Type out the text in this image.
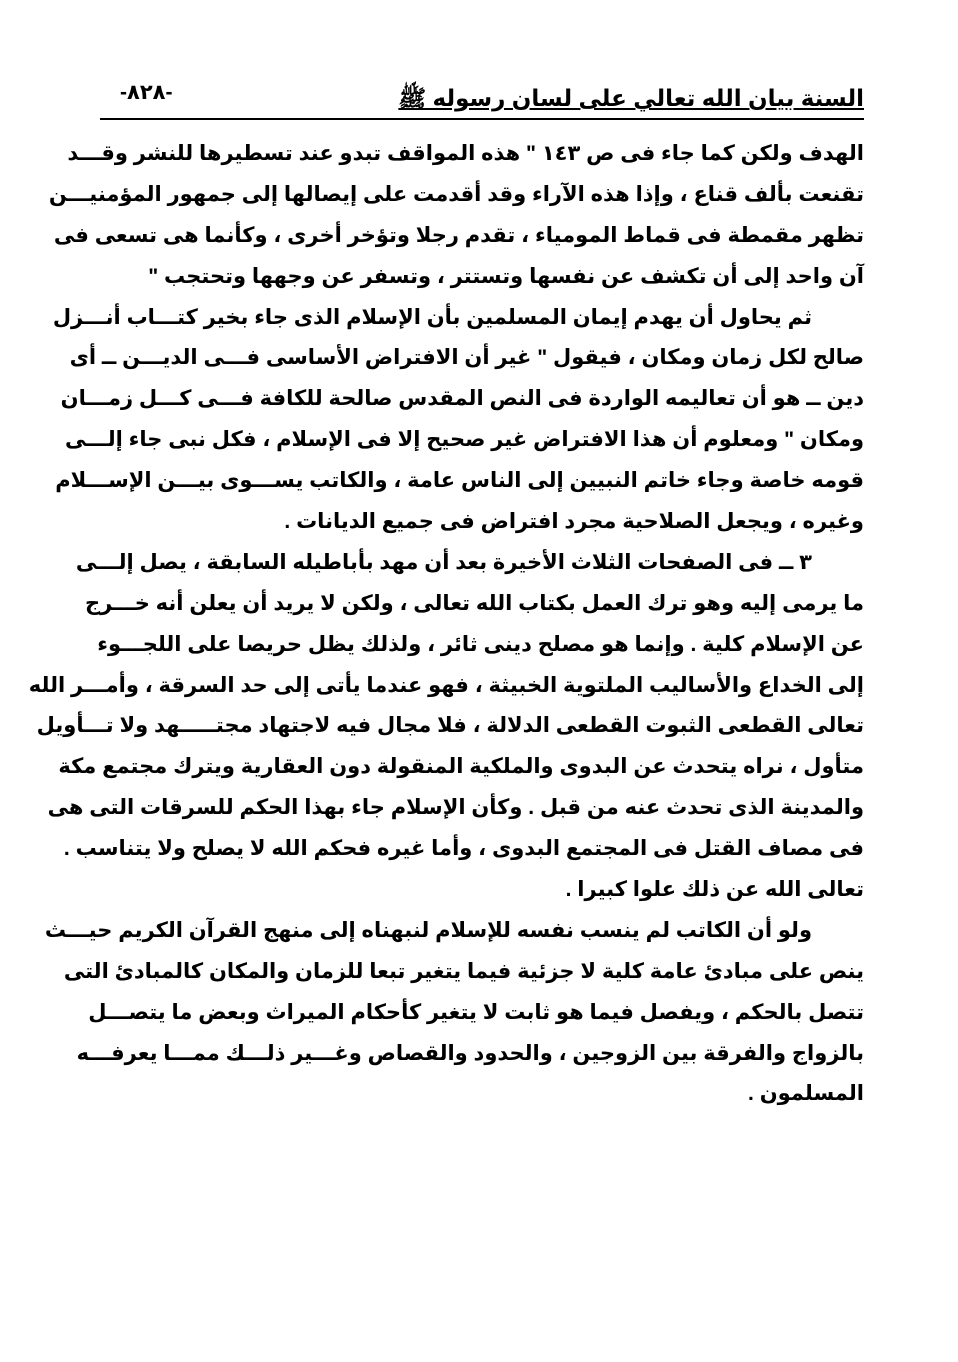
السنة بيان الله تعالي على لسان رسوله ﷺ
-٨٢٨-
الهدف ولكن كما جاء فى ص ١٤٣ " هذه المواقف تبدو عند تسطيرها للنشر وقـــد
تقنعت بألف قناع ، وإذا هذه الآراء وقد أقدمت على إيصالها إلى جمهور المؤمنيـــن
تظهر مقمطة فى قماط المومياء ، تقدم رجلا وتؤخر أخرى ، وكأنما هى تسعى فى
آن واحد إلى أن تكشف عن نفسها وتستتر ، وتسفر عن وجهها وتحتجب "
ثم يحاول أن يهدم إيمان المسلمين بأن الإسلام الذى جاء بخير كتـــاب أنـــزل
صالح لكل زمان ومكان ، فيقول " غير أن الافتراض الأساسى فـــى الديـــن ــ أى
دين ــ هو أن تعاليمه الواردة فى النص المقدس صالحة للكافة فـــى كـــل زمـــان
ومكان " ومعلوم أن هذا الافتراض غير صحيح إلا فى الإسلام ، فكل نبى جاء إلـــى
قومه خاصة وجاء خاتم النبيين إلى الناس عامة ، والكاتب يســـوى بيـــن الإســـلام
وغيره ، ويجعل الصلاحية مجرد افتراض فى جميع الديانات .
٣ ــ فى الصفحات الثلاث الأخيرة بعد أن مهد بأباطيله السابقة ، يصل إلـــى
ما يرمى إليه وهو ترك العمل بكتاب الله تعالى ، ولكن لا يريد أن يعلن أنه خـــرج
عن الإسلام كلية . وإنما هو مصلح دينى ثائر ، ولذلك يظل حريصا على اللجـــوء
إلى الخداع والأساليب الملتوية الخبيثة ، فهو عندما يأتى إلى حد السرقة ، وأمـــر الله
تعالى القطعى الثبوت القطعى الدلالة ، فلا مجال فيه لاجتهاد مجتـــــهد ولا تـــأويل
متأول ، نراه يتحدث عن البدوى والملكية المنقولة دون العقارية ويترك مجتمع مكة
والمدينة الذى تحدث عنه من قبل . وكأن الإسلام جاء بهذا الحكم للسرقات التى هى
فى مصاف القتل فى المجتمع البدوى ، وأما غيره فحكم الله لا يصلح ولا يتناسب .
تعالى الله عن ذلك علوا كبيرا .
ولو أن الكاتب لم ينسب نفسه للإسلام لنبهناه إلى منهج القرآن الكريم حيـــث
ينص على مبادئ عامة كلية لا جزئية فيما يتغير تبعا للزمان والمكان كالمبادئ التى
تتصل بالحكم ، ويفصل فيما هو ثابت لا يتغير كأحكام الميراث وبعض ما يتصـــل
بالزواج والفرقة بين الزوجين ، والحدود والقصاص وغـــير ذلـــك ممـــا يعرفـــه
المسلمون .
